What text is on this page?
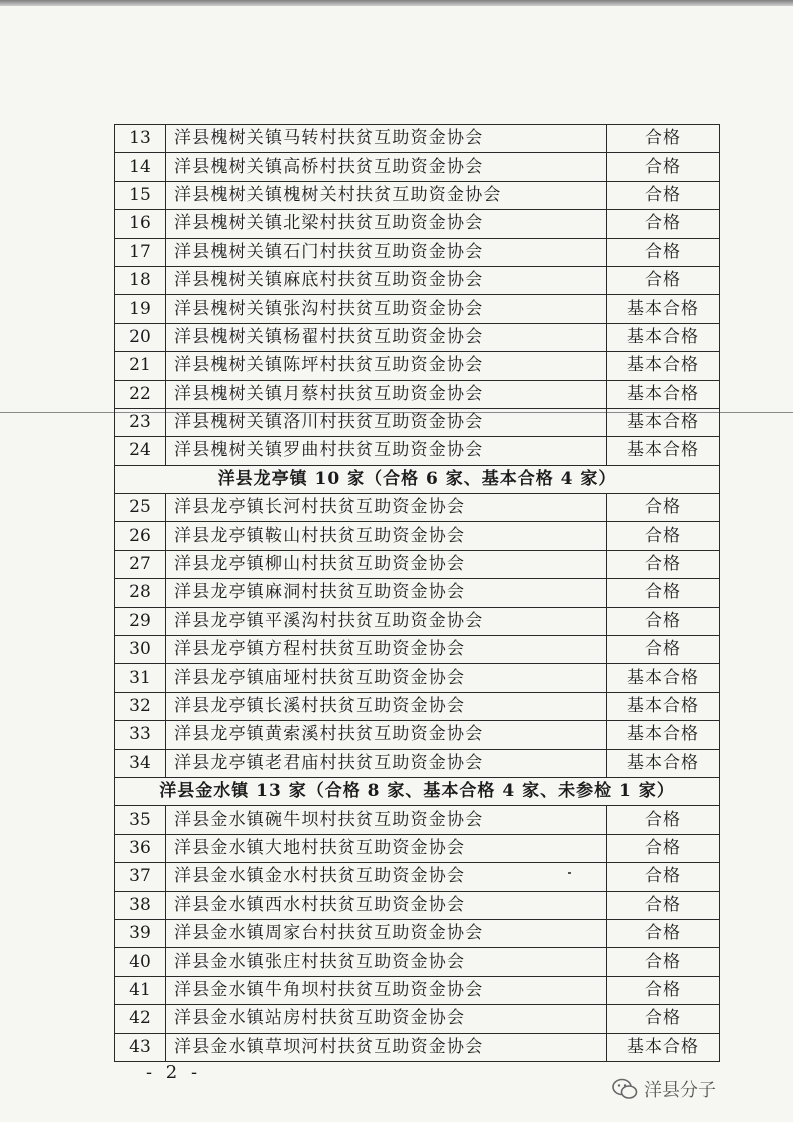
13	洋县槐树关镇马转村扶贫互助资金协会	合格
14	洋县槐树关镇高桥村扶贫互助资金协会	合格
15	洋县槐树关镇槐树关村扶贫互助资金协会	合格
16	洋县槐树关镇北梁村扶贫互助资金协会	合格
17	洋县槐树关镇石门村扶贫互助资金协会	合格
18	洋县槐树关镇麻底村扶贫互助资金协会	合格
19	洋县槐树关镇张沟村扶贫互助资金协会	基本合格
20	洋县槐树关镇杨翟村扶贫互助资金协会	基本合格
21	洋县槐树关镇陈坪村扶贫互助资金协会	基本合格
22	洋县槐树关镇月蔡村扶贫互助资金协会	基本合格
23	洋县槐树关镇洛川村扶贫互助资金协会	基本合格
24	洋县槐树关镇罗曲村扶贫互助资金协会	基本合格
洋县龙亭镇 10 家（合格 6 家、基本合格 4 家）		
25	洋县龙亭镇长河村扶贫互助资金协会	合格
26	洋县龙亭镇鞍山村扶贫互助资金协会	合格
27	洋县龙亭镇柳山村扶贫互助资金协会	合格
28	洋县龙亭镇麻洞村扶贫互助资金协会	合格
29	洋县龙亭镇平溪沟村扶贫互助资金协会	合格
30	洋县龙亭镇方程村扶贫互助资金协会	合格
31	洋县龙亭镇庙垭村扶贫互助资金协会	基本合格
32	洋县龙亭镇长溪村扶贫互助资金协会	基本合格
33	洋县龙亭镇黄索溪村扶贫互助资金协会	基本合格
34	洋县龙亭镇老君庙村扶贫互助资金协会	基本合格
洋县金水镇 13 家（合格 8 家、基本合格 4 家、未参检 1 家）		
35	洋县金水镇碗牛坝村扶贫互助资金协会	合格
36	洋县金水镇大地村扶贫互助资金协会	合格
37	洋县金水镇金水村扶贫互助资金协会	合格
38	洋县金水镇西水村扶贫互助资金协会	合格
39	洋县金水镇周家台村扶贫互助资金协会	合格
40	洋县金水镇张庄村扶贫互助资金协会	合格
41	洋县金水镇牛角坝村扶贫互助资金协会	合格
42	洋县金水镇站房村扶贫互助资金协会	合格
43	洋县金水镇草坝河村扶贫互助资金协会	基本合格
- 2 -
洋县分子
